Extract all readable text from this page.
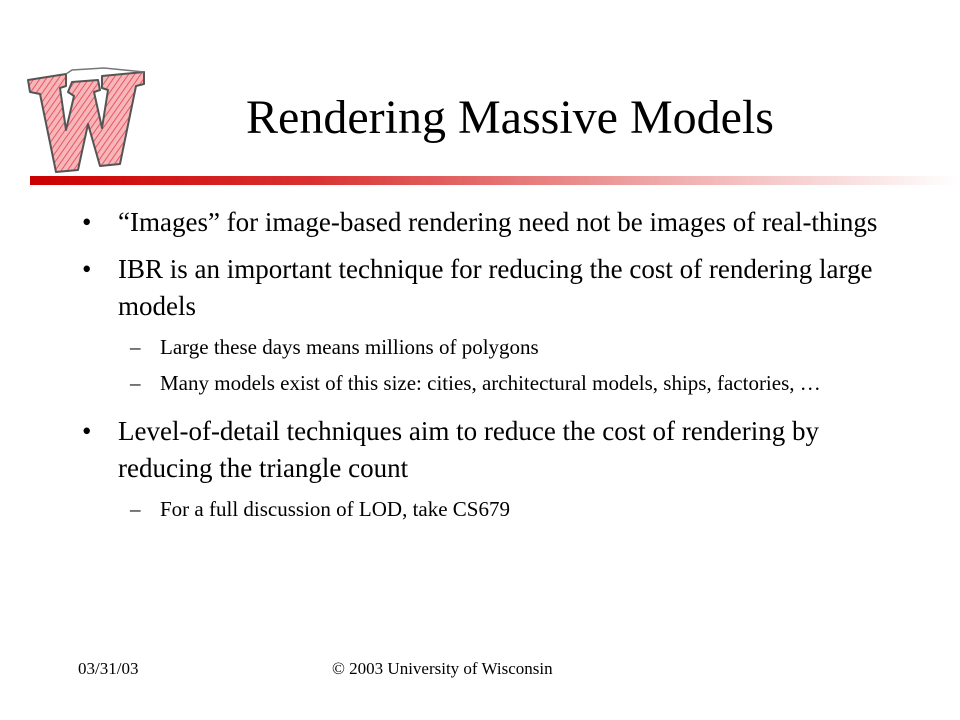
Rendering Massive Models
• “Images” for image-based rendering need not be images of real-things
• IBR is an important technique for reducing the cost of rendering large models
– Large these days means millions of polygons
– Many models exist of this size: cities, architectural models, ships, factories, …
• Level-of-detail techniques aim to reduce the cost of rendering by reducing the triangle count
– For a full discussion of LOD, take CS679
03/31/03	© 2003 University of Wisconsin
